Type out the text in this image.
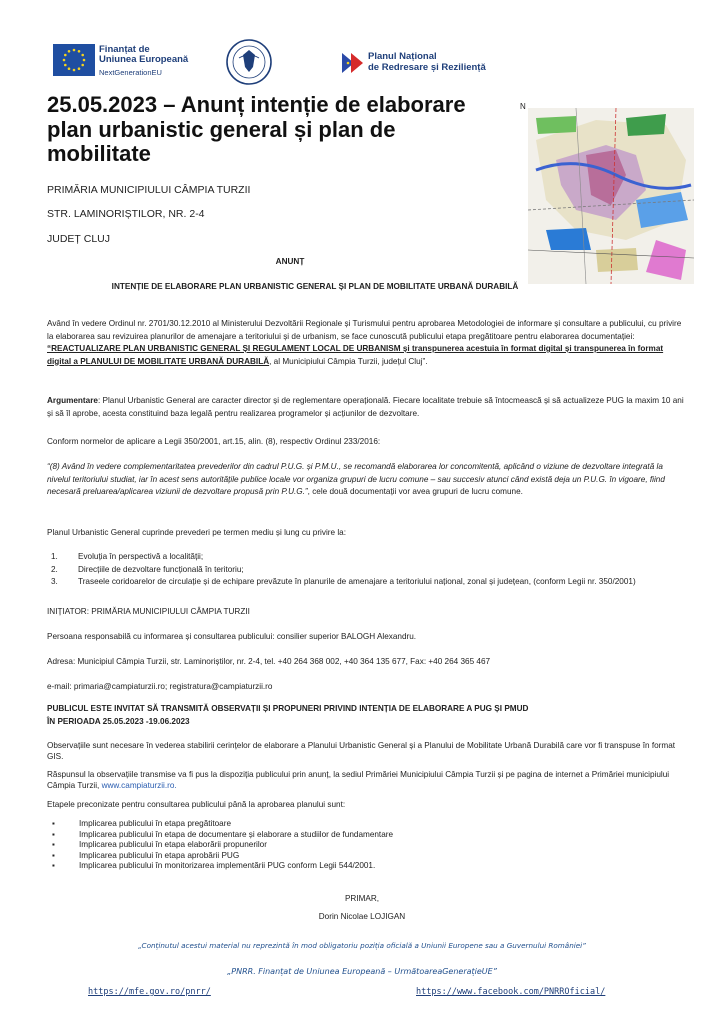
Finanțat de
Uniunea Europeană
NextGenerationEU
Planul Național
de Redresare și Reziliență
25.05.2023 – Anunț intenție de elaborare plan urbanistic general și plan de mobilitate
PRIMĂRIA MUNICIPIULUI CÂMPIA TURZII
STR. LAMINORIȘTILOR, NR. 2-4
JUDEȚ CLUJ
N
ANUNȚ
INTENȚIE DE ELABORARE PLAN URBANISTIC GENERAL ȘI PLAN DE MOBILITATE URBANĂ DURABILĂ
Având în vedere Ordinul nr. 2701/30.12.2010 al Ministerului Dezvoltării Regionale și Turismului pentru aprobarea Metodologiei de informare și consultare a publicului, cu privire la elaborarea sau revizuirea planurilor de amenajare a teritoriului și de urbanism, se face cunoscută publicului etapa pregătitoare pentru elaborarea documentației: “REACTUALIZARE PLAN URBANISTIC GENERAL ȘI REGULAMENT LOCAL DE URBANISM și transpunerea acestuia în format digital și transpunerea în format digital a PLANULUI DE MOBILITATE URBANĂ DURABILĂ, al Municipiului Câmpia Turzii, județul Cluj”.
Argumentare: Planul Urbanistic General are caracter director și de reglementare operațională. Fiecare localitate trebuie să întocmească și să actualizeze PUG la maxim 10 ani și să îl aprobe, acesta constituind baza legală pentru realizarea programelor și acțiunilor de dezvoltare.
Conform normelor de aplicare a Legii 350/2001, art.15, alin. (8), respectiv Ordinul 233/2016:
“(8) Având în vedere complementaritatea prevederilor din cadrul P.U.G. și P.M.U., se recomandă elaborarea lor concomitentă, aplicând o viziune de dezvoltare integrată la nivelul teritoriului studiat, iar în acest sens autoritățile publice locale vor organiza grupuri de lucru comune – sau succesiv atunci când există deja un P.U.G. în vigoare, fiind necesară preluarea/aplicarea viziunii de dezvoltare propusă prin P.U.G.”, cele două documentații vor avea grupuri de lucru comune.
Planul Urbanistic General cuprinde prevederi pe termen mediu și lung cu privire la:
1. Evoluția în perspectivă a localității;
2. Direcțiile de dezvoltare funcțională în teritoriu;
3. Traseele coridoarelor de circulație și de echipare prevăzute în planurile de amenajare a teritoriului național, zonal și județean, (conform Legii nr. 350/2001)
INIȚIATOR: PRIMĂRIA MUNICIPIULUI CÂMPIA TURZII
Persoana responsabilă cu informarea și consultarea publicului: consilier superior BALOGH Alexandru.
Adresa: Municipiul Câmpia Turzii, str. Laminoriștilor, nr. 2-4, tel. +40 264 368 002, +40 364 135 677, Fax: +40 264 365 467
e-mail: primaria@campiaturzii.ro; registratura@campiaturzii.ro
PUBLICUL ESTE INVITAT SĂ TRANSMITĂ OBSERVAȚII ȘI PROPUNERI PRIVIND INTENȚIA DE ELABORARE A PUG ȘI PMUD
ÎN PERIOADA 25.05.2023 -19.06.2023
Observațiile sunt necesare în vederea stabilirii cerințelor de elaborare a Planului Urbanistic General și a Planului de Mobilitate Urbană Durabilă care vor fi transpuse în format GIS.
Răspunsul la observațiile transmise va fi pus la dispoziția publicului prin anunț, la sediul Primăriei Municipiului Câmpia Turzii și pe pagina de internet a Primăriei municipiului Câmpia Turzii, www.campiaturzii.ro.
Etapele preconizate pentru consultarea publicului până la aprobarea planului sunt:
▪ Implicarea publicului în etapa pregătitoare
▪ Implicarea publicului în etapa de documentare și elaborare a studiilor de fundamentare
▪ Implicarea publicului în etapa elaborării propunerilor
▪ Implicarea publicului în etapa aprobării PUG
▪ Implicarea publicului în monitorizarea implementării PUG conform Legii 544/2001.
PRIMAR,
Dorin Nicolae LOJIGAN
„Conținutul acestui material nu reprezintă în mod obligatoriu poziția oficială a Uniunii Europene sau a Guvernului României”
„PNRR. Finanțat de Uniunea Europeană – UrmătoareaGenerațieUE”
https://mfe.gov.ro/pnrr/	https://www.facebook.com/PNRROficial/
